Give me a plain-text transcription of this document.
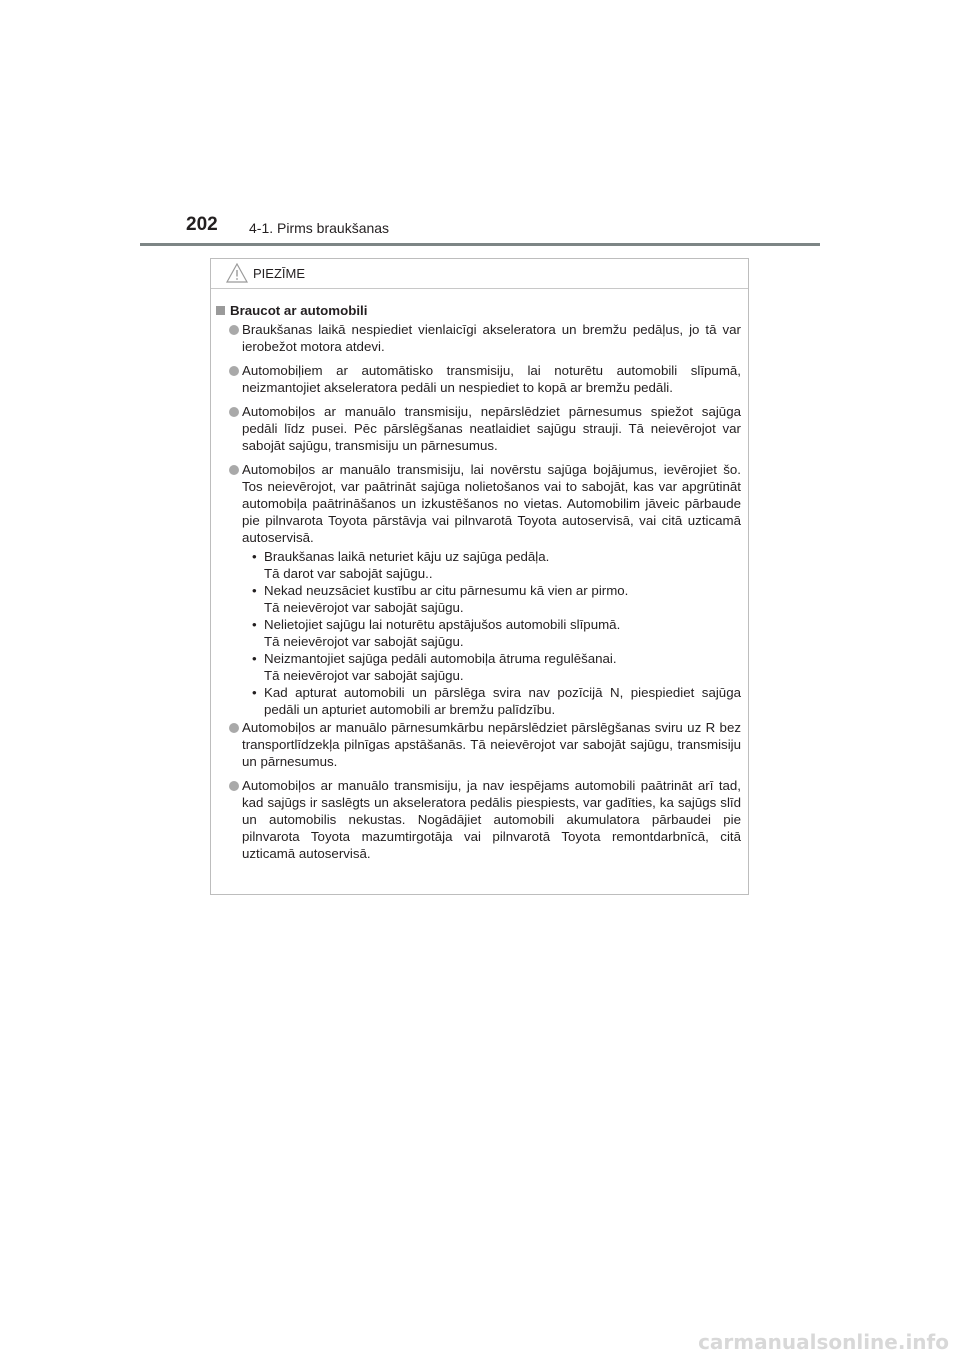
202 4-1. Pirms braukšanas
PIEZĪME
Braucot ar automobili
Braukšanas laikā nespiediet vienlaicīgi akseleratora un bremžu pedāļus, jo tā var ierobežot motora atdevi.
Automobiļiem ar automātisko transmisiju, lai noturētu automobili slīpumā, neizmantojiet akseleratora pedāli un nespiediet to kopā ar bremžu pedāli.
Automobiļos ar manuālo transmisiju, nepārslēdziet pārnesumus spiežot sajūga pedāli līdz pusei. Pēc pārslēgšanas neatlaidiet sajūgu strauji. Tā neievērojot var sabojāt sajūgu, transmisiju un pārnesumus.
Automobiļos ar manuālo transmisiju, lai novērstu sajūga bojājumus, ievērojiet šo. Tos neievērojot, var paātrināt sajūga nolietošanos vai to sabojāt, kas var apgrūtināt automobiļa paātrināšanos un izkustēšanos no vietas. Automobilim jāveic pārbaude pie pilnvarota Toyota pārstāvja vai pilnvarotā Toyota autoservisā, vai citā uzticamā autoservisā.
• Braukšanas laikā neturiet kāju uz sajūga pedāļa.
Tā darot var sabojāt sajūgu..
• Nekad neuzsāciet kustību ar citu pārnesumu kā vien ar pirmo.
Tā neievērojot var sabojāt sajūgu.
• Nelietojiet sajūgu lai noturētu apstājušos automobili slīpumā.
Tā neievērojot var sabojāt sajūgu.
• Neizmantojiet sajūga pedāli automobiļa ātruma regulēšanai.
Tā neievērojot var sabojāt sajūgu.
• Kad apturat automobili un pārslēga svira nav pozīcijā N, piespiediet sajūga pedāli un apturiet automobili ar bremžu palīdzību.
Automobiļos ar manuālo pārnesumkārbu nepārslēdziet pārslēgšanas sviru uz R bez transportlīdzekļa pilnīgas apstāšanās. Tā neievērojot var sabojāt sajūgu, transmisiju un pārnesumus.
Automobiļos ar manuālo transmisiju, ja nav iespējams automobili paātrināt arī tad, kad sajūgs ir saslēgts un akseleratora pedālis piespiests, var gadīties, ka sajūgs slīd un automobilis nekustas. Nogādājiet automobili akumulatora pārbaudei pie pilnvarota Toyota mazumtirgotāja vai pilnvarotā Toyota remontdarbnīcā, citā uzticamā autoservisā.
carmanualsonline.info
